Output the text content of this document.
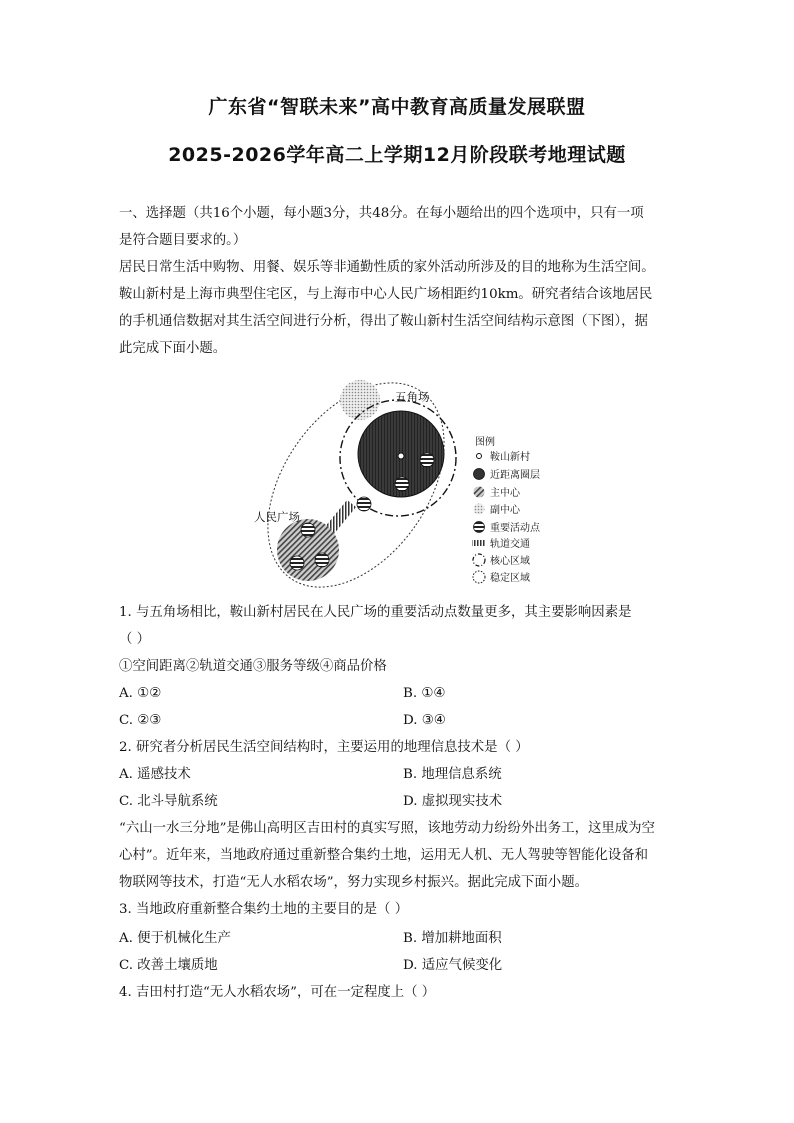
广东省“智联未来”高中教育高质量发展联盟
2025-2026学年高二上学期12月阶段联考地理试题
一、选择题（共16个小题，每小题3分，共48分。在每小题给出的四个选项中，只有一项
是符合题目要求的。）
居民日常生活中购物、用餐、娱乐等非通勤性质的家外活动所涉及的目的地称为生活空间。
鞍山新村是上海市典型住宅区，与上海市中心人民广场相距约10km。研究者结合该地居民
的手机通信数据对其生活空间进行分析，得出了鞍山新村生活空间结构示意图（下图），据
此完成下面小题。
五角场
人民广场
图例
鞍山新村
近距离圈层
主中心
副中心
重要活动点
轨道交通
核心区域
稳定区域
1. 与五角场相比，鞍山新村居民在人民广场的重要活动点数量更多，其主要影响因素是
（ ）
①空间距离②轨道交通③服务等级④商品价格
A. ①②	B. ①④
C. ②③	D. ③④
2. 研究者分析居民生活空间结构时，主要运用的地理信息技术是（ ）
A. 遥感技术	B. 地理信息系统
C. 北斗导航系统	D. 虚拟现实技术
“六山一水三分地”是佛山高明区吉田村的真实写照，该地劳动力纷纷外出务工，这里成为空
心村”。近年来，当地政府通过重新整合集约土地，运用无人机、无人驾驶等智能化设备和
物联网等技术，打造“无人水稻农场”，努力实现乡村振兴。据此完成下面小题。
3. 当地政府重新整合集约土地的主要目的是（ ）
A. 便于机械化生产	B. 增加耕地面积
C. 改善土壤质地	D. 适应气候变化
4. 吉田村打造“无人水稻农场”，可在一定程度上（ ）
